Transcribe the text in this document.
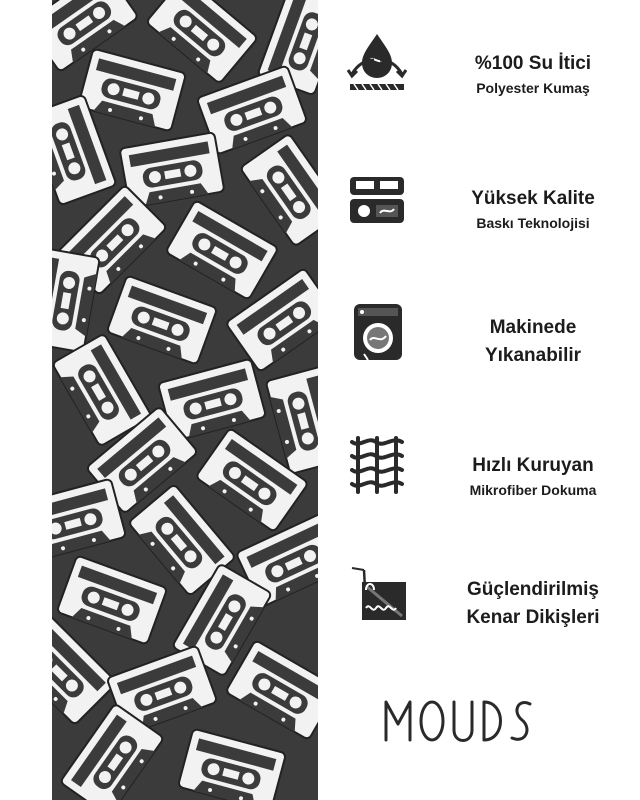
%100 Su İtici
Polyester Kumaş
Yüksek Kalite
Baskı Teknolojisi
Makinede
Yıkanabilir
Hızlı Kuruyan
Mikrofiber Dokuma
Güçlendirilmiş
Kenar Dikişleri
